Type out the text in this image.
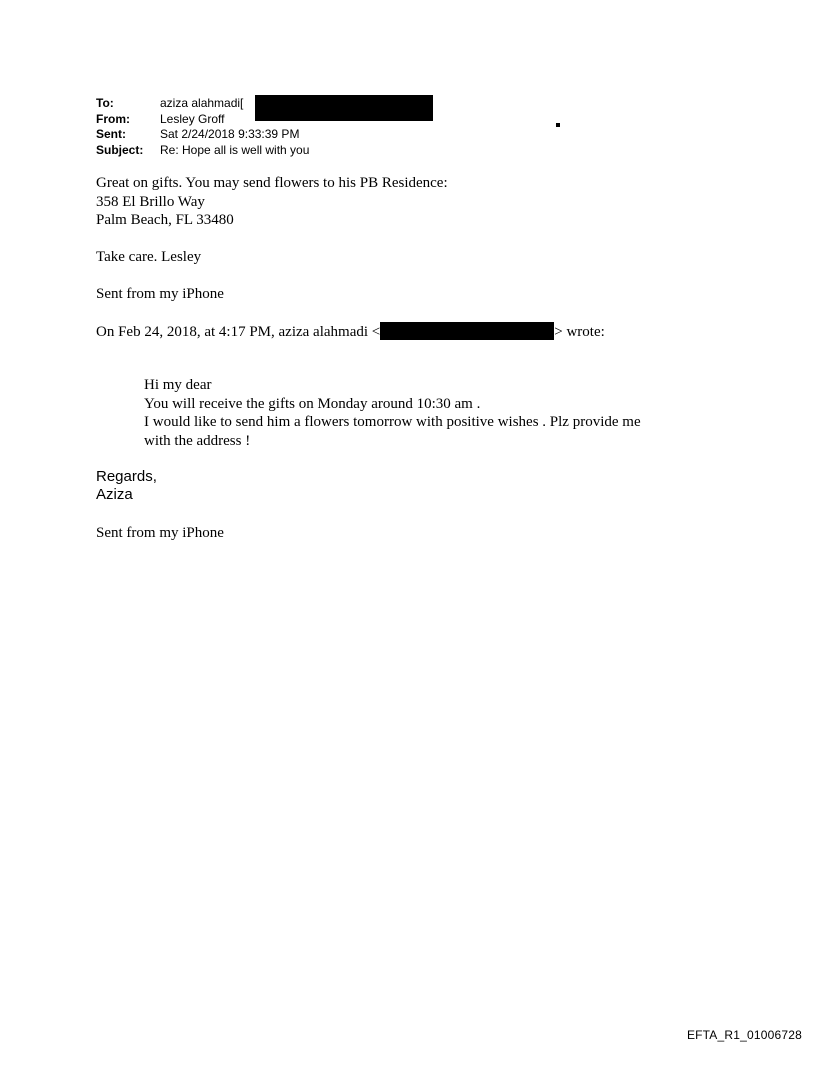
To:	aziza alahmadi[
From:	Lesley Groff
Sent:	Sat 2/24/2018 9:33:39 PM
Subject:	Re: Hope all is well with you
Great on gifts. You may send flowers to his PB Residence:
358 El Brillo Way
Palm Beach, FL 33480
Take care. Lesley
Sent from my iPhone
On Feb 24, 2018, at 4:17 PM, aziza alahmadi <	> wrote:
Hi my dear
You will receive the gifts on Monday around 10:30 am .
I would like to send him a flowers tomorrow with positive wishes . Plz provide me
with the address !
Regards,
Aziza
Sent from my iPhone
EFTA_R1_01006728
